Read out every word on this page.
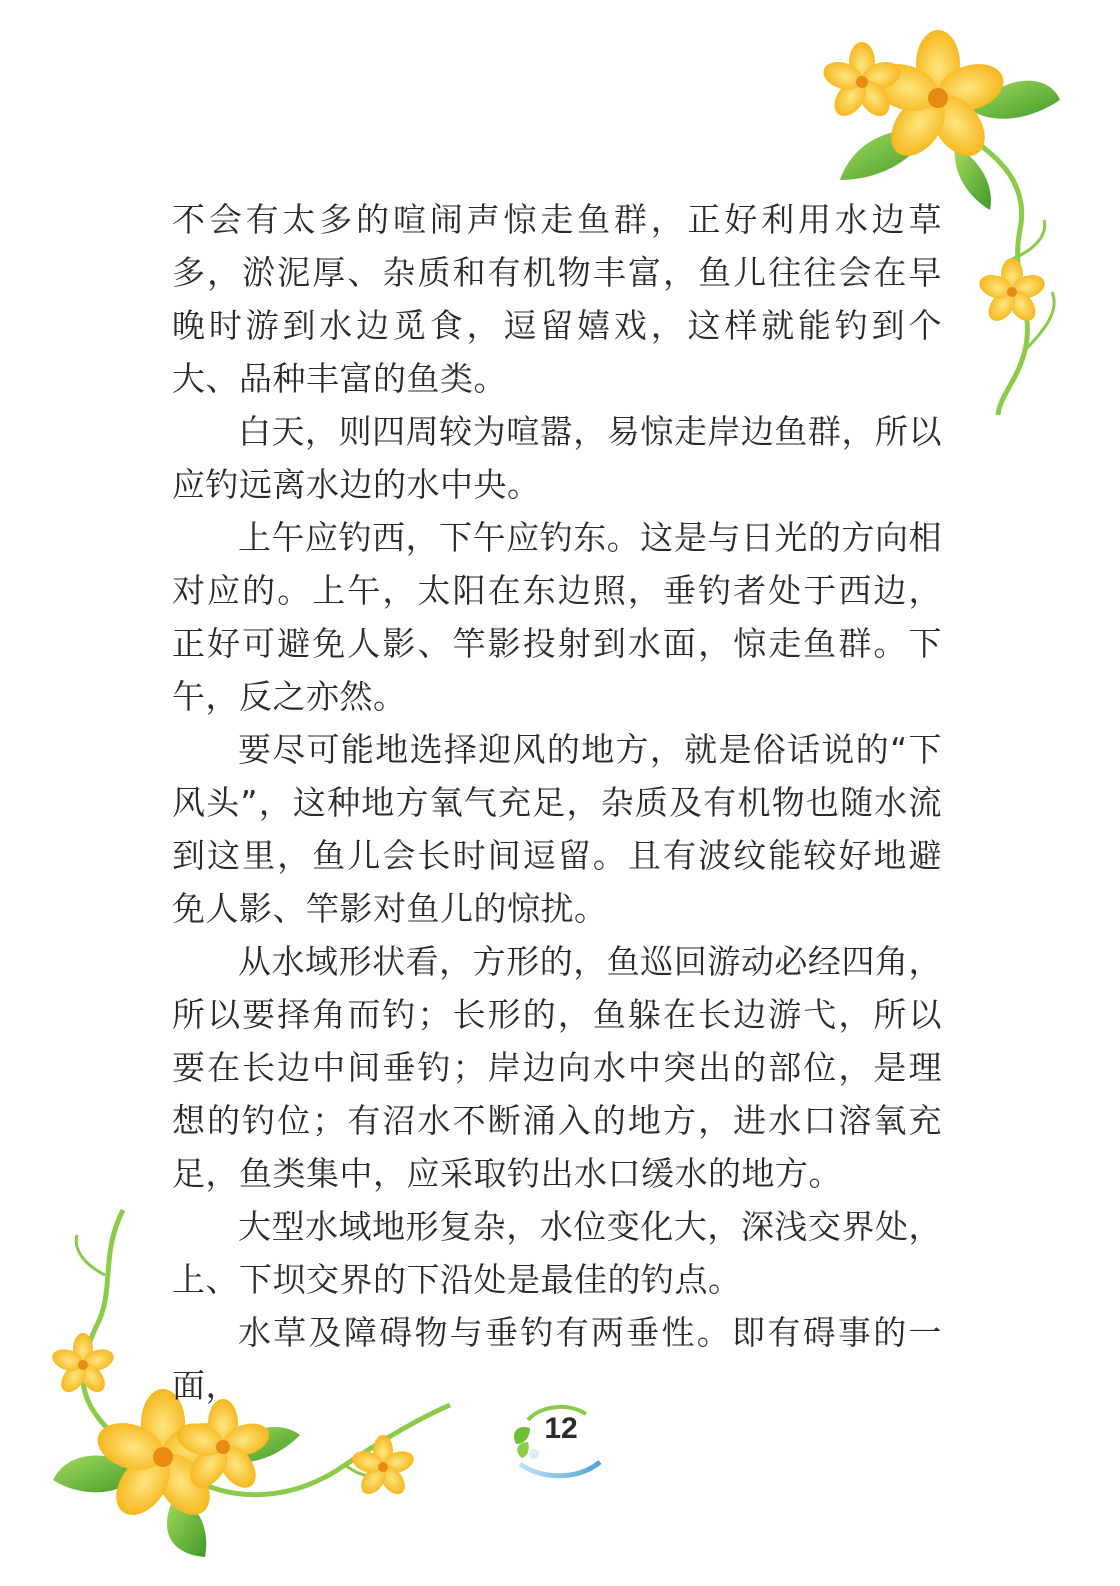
不会有太多的喧闹声惊走鱼群，正好利用水边草多，淤泥厚、杂质和有机物丰富，鱼儿往往会在早晚时游到水边觅食，逗留嬉戏，这样就能钓到个大、品种丰富的鱼类。

白天，则四周较为喧嚣，易惊走岸边鱼群，所以应钓远离水边的水中央。

上午应钓西，下午应钓东。这是与日光的方向相对应的。上午，太阳在东边照，垂钓者处于西边，正好可避免人影、竿影投射到水面，惊走鱼群。下午，反之亦然。

要尽可能地选择迎风的地方，就是俗话说的“下风头”，这种地方氧气充足，杂质及有机物也随水流到这里，鱼儿会长时间逗留。且有波纹能较好地避免人影、竿影对鱼儿的惊扰。

从水域形状看，方形的，鱼巡回游动必经四角，所以要择角而钓；长形的，鱼躲在长边游弋，所以要在长边中间垂钓；岸边向水中突出的部位，是理想的钓位；有沼水不断涌入的地方，进水口溶氧充足，鱼类集中，应采取钓出水口缓水的地方。

大型水域地形复杂，水位变化大，深浅交界处，上、下坝交界的下沿处是最佳的钓点。

水草及障碍物与垂钓有两垂性。即有碍事的一面，

12
